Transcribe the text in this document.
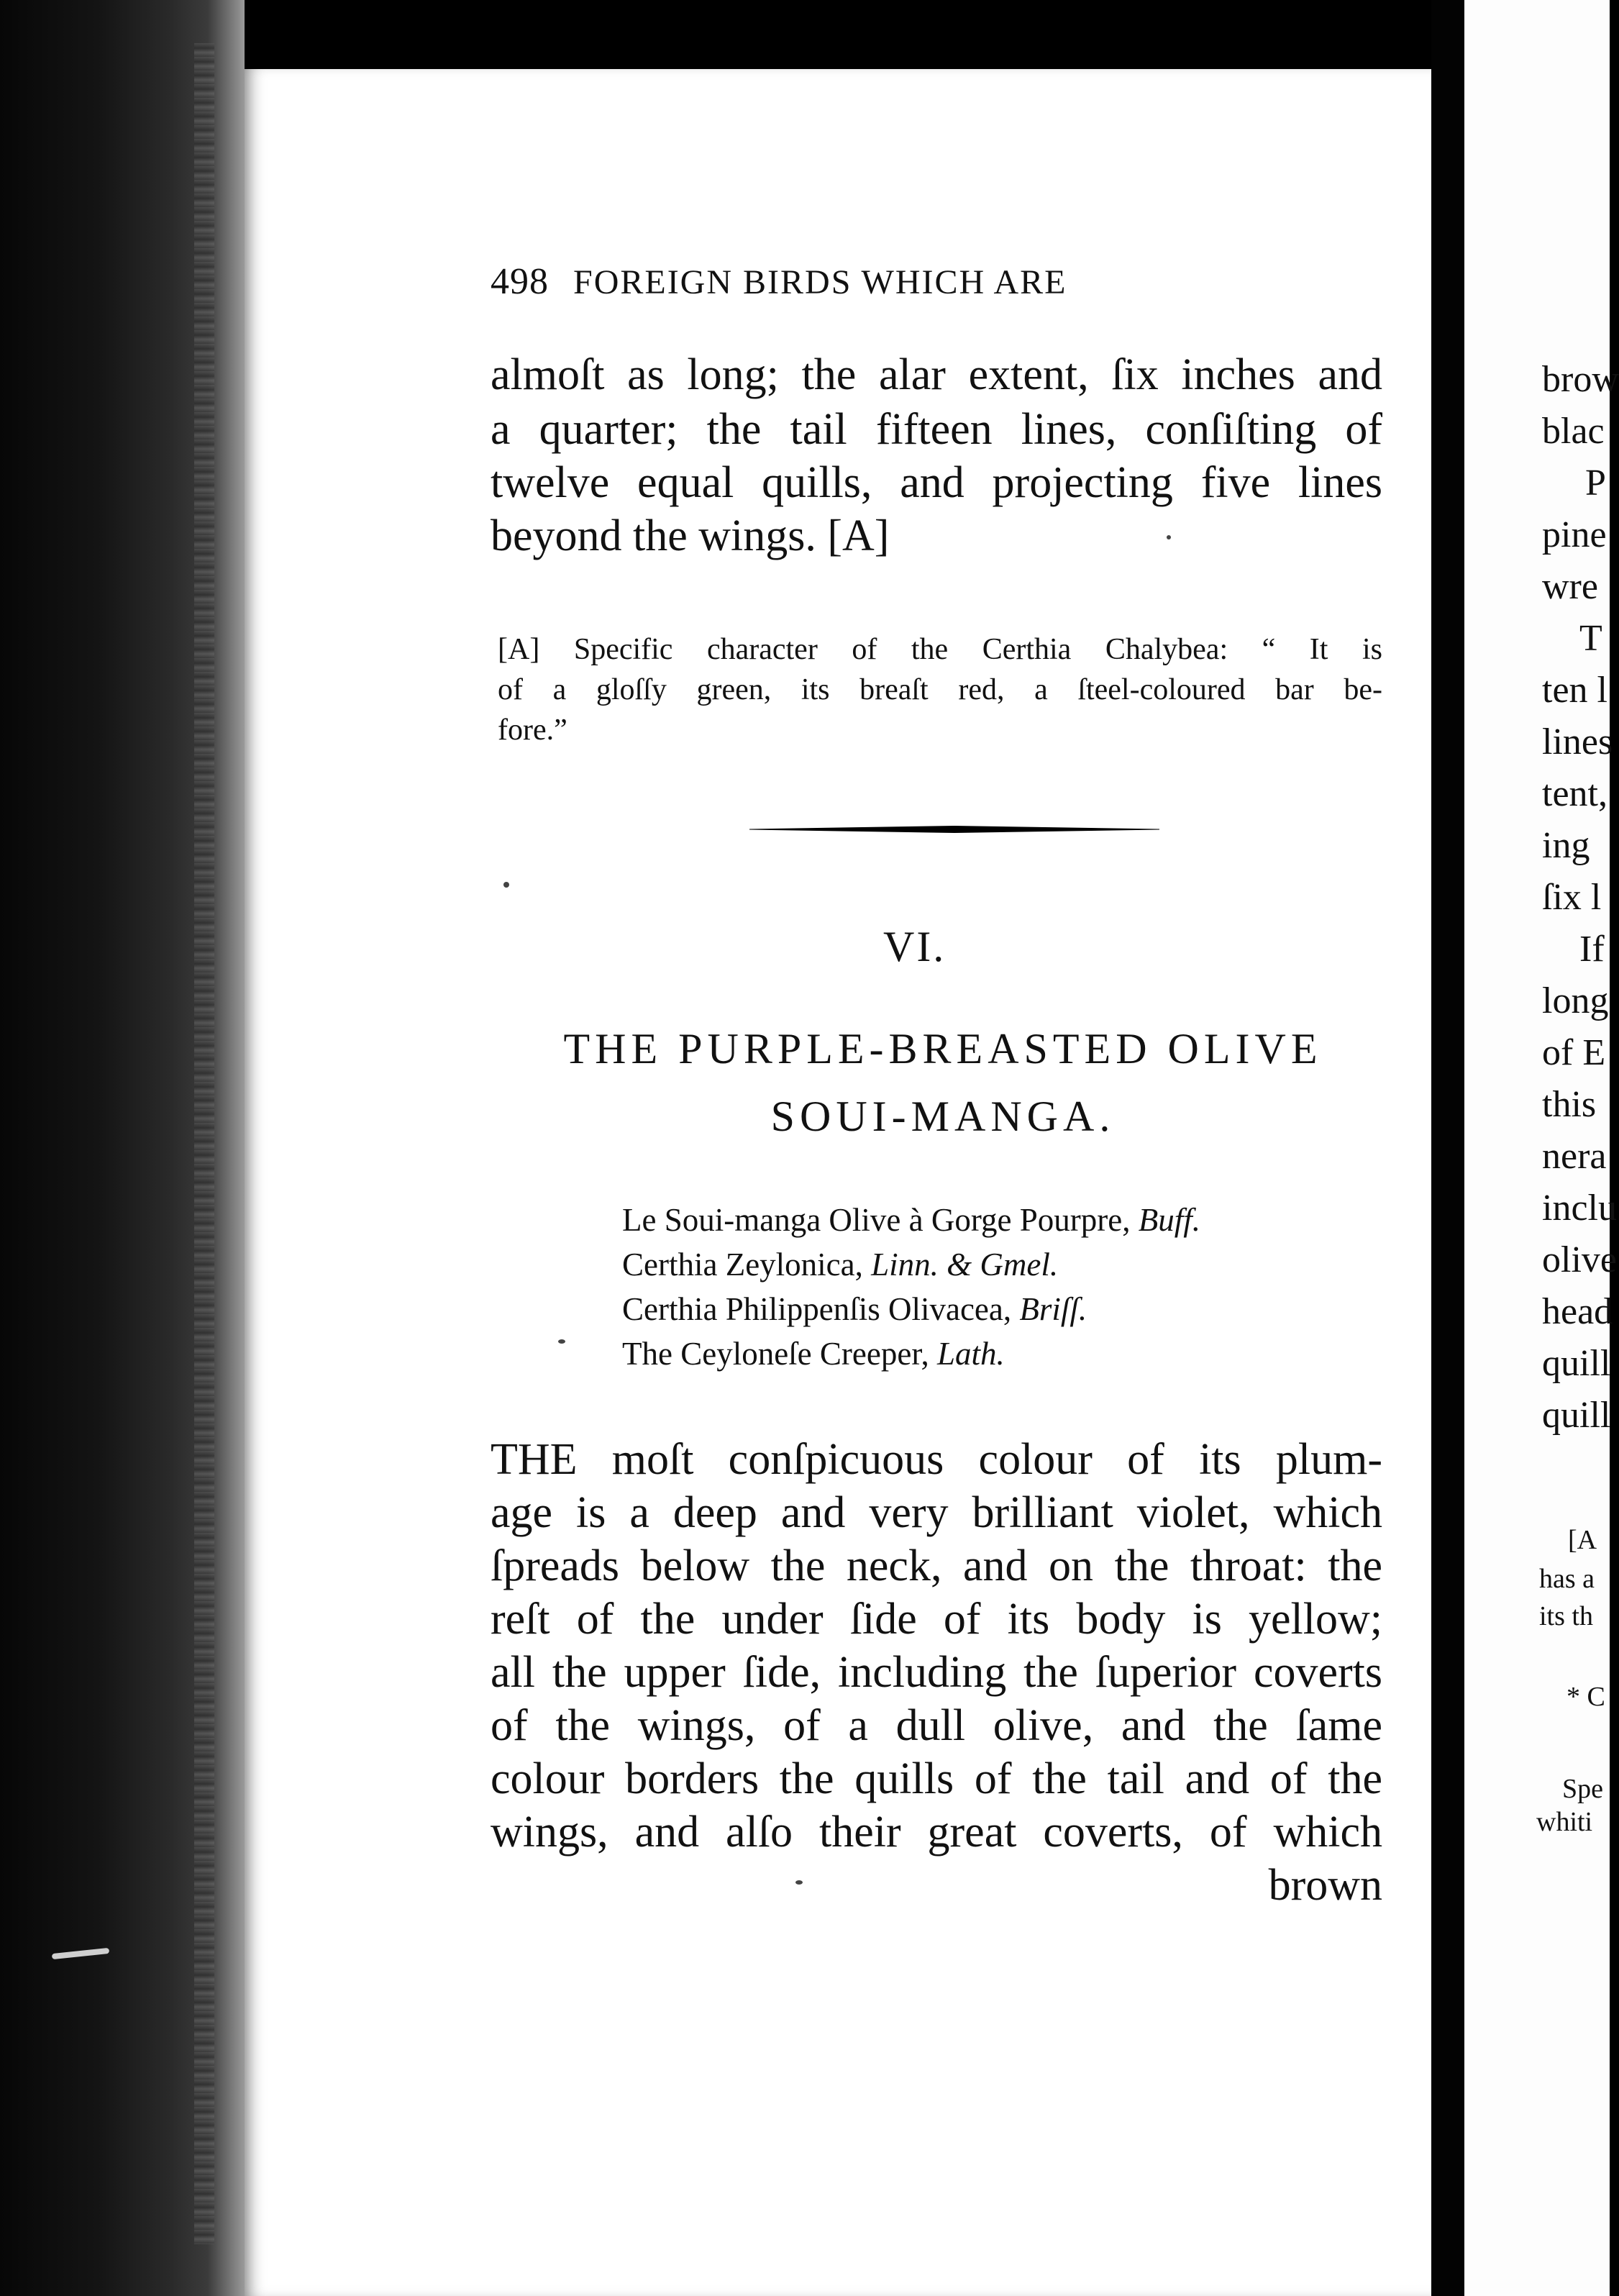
498 FOREIGN BIRDS WHICH ARE
almoſt as long; the alar extent, ſix inches and
a quarter; the tail fifteen lines, conſiſting of
twelve equal quills, and projecting five lines
beyond the wings. [A]
[A] Specific character of the Certhia Chalybea: “ It is
of a gloſſy green, its breaſt red, a ſteel-coloured bar be-
fore.”
VI.
THE PURPLE-BREASTED OLIVE
SOUI-MANGA.
Le Soui-manga Olive à Gorge Pourpre, Buff.
Certhia Zeylonica, Linn. & Gmel.
Certhia Philippenſis Olivacea, Briſſ.
The Ceyloneſe Creeper, Lath.
THE moſt conſpicuous colour of its plum-
age is a deep and very brilliant violet, which
ſpreads below the neck, and on the throat: the
reſt of the under ſide of its body is yellow;
all the upper ſide, including the ſuperior coverts
of the wings, of a dull olive, and the ſame
colour borders the quills of the tail and of the
wings, and alſo their great coverts, of which
brown
brow
blac
P
pine
wre
T
ten l
lines
tent,
ing
ſix l
If
long
of E
this
nera
inclu
olive
head
quill
quill
[A
has a
its th
* C
Spe
whiti
